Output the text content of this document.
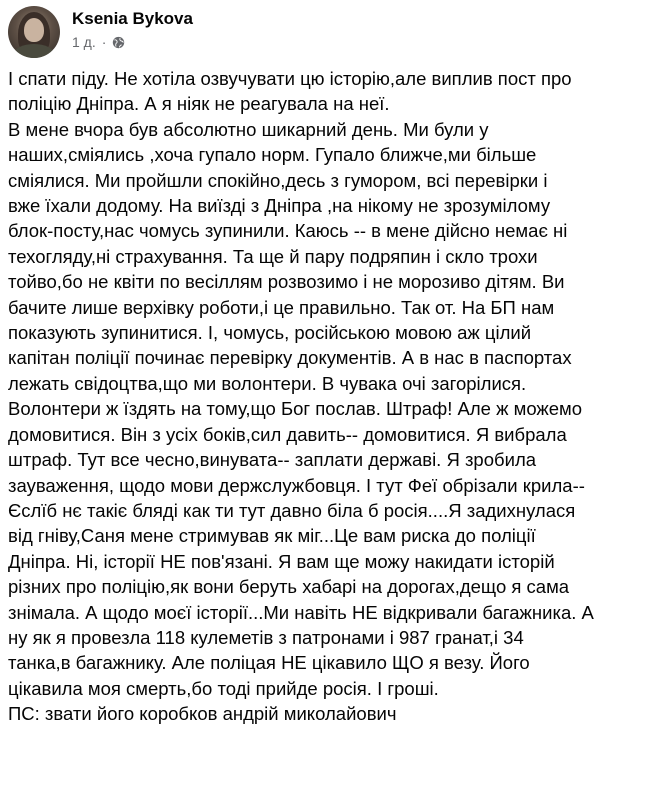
Ksenia Bykova
1 д. ·

І спати піду. Не хотіла озвучувати цю історію,але виплив пост про

поліцію Дніпра. А я ніяк не реагувала на неї.

В мене вчора був абсолютно шикарний день. Ми були у

наших,сміялись ,хоча гупало норм. Гупало ближче,ми більше

сміялися. Ми пройшли спокійно,десь з гумором, всі перевірки і

вже їхали додому. На виїзді з Дніпра ,на нікому не зрозумілому

блок-посту,нас чомусь зупинили. Каюсь -- в мене дійсно немає ні

техогляду,ні страхування. Та ще й пару подряпин і скло трохи

тойво,бо не квіти по весіллям розвозимо і не морозиво дітям. Ви

бачите лише верхівку роботи,і це правильно. Так от. На БП нам

показують зупинитися. І, чомусь, російською мовою аж цілий

капітан поліції починає перевірку документів. А в нас в паспортах

лежать свідоцтва,що ми волонтери. В чувака очі загорілися.

Волонтери ж їздять на тому,що Бог послав. Штраф! Але ж можемо

домовитися. Він з усіх боків,сил давить-- домовитися. Я вибрала

штраф. Тут все чесно,винувата-- заплати державі. Я зробила

зауваження, щодо мови держслужбовця. І тут Феї обрізали крила--

Єслїб нє такіє бляді как ти тут давно біла б росія....Я задихнулася

від гніву,Саня мене стримував як міг...Це вам риска до поліції

Дніпра. Ні, історії НЕ пов'язані. Я вам ще можу накидати історій

різних про поліцію,як вони беруть хабарі на дорогах,дещо я сама

знімала. А щодо моєї історії...Ми навіть НЕ відкривали багажника. А

ну як я провезла 118 кулеметів з патронами і 987 гранат,і 34

танка,в багажнику. Але поліцая НЕ цікавило ЩО я везу. Його

цікавила моя смерть,бо тоді прийде росія. І гроші.

ПС: звати його коробков андрій миколайович
